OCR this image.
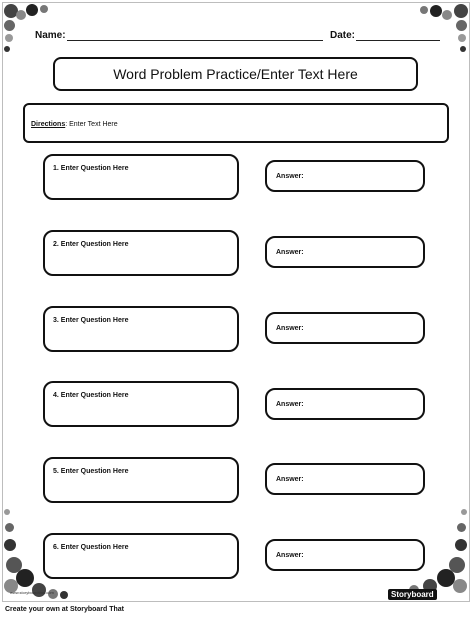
Name:	Date:
Word Problem Practice/Enter Text Here
Directions: Enter Text Here
1. Enter Question Here
Answer:
2. Enter Question Here
Answer:
3. Enter Question Here
Answer:
4. Enter Question Here
Answer:
5. Enter Question Here
Answer:
6. Enter Question Here
Answer:
www.storyboardthat.com	Storyboard
Create your own at Storyboard That
